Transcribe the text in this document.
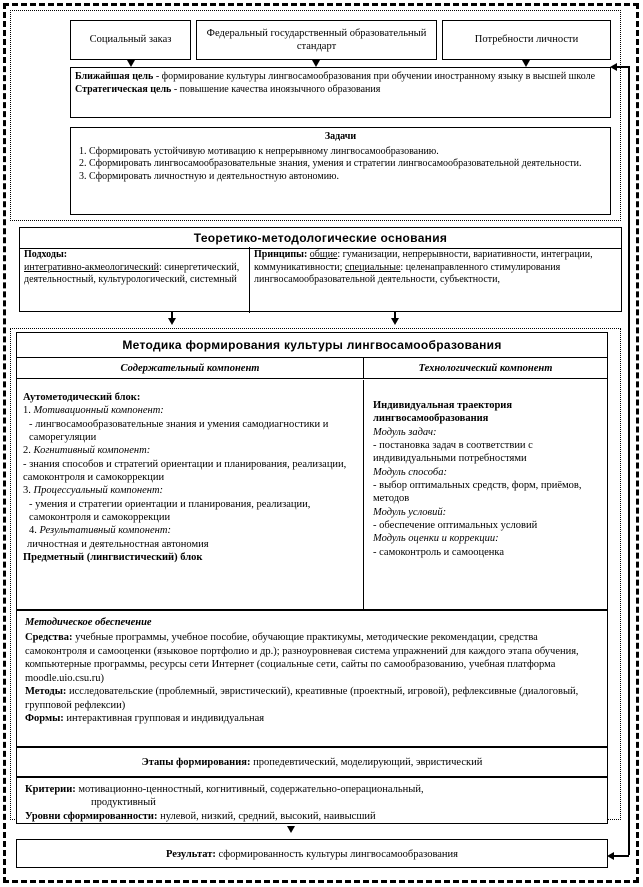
Социальный заказ
Федеральный государственный образовательный стандарт
Потребности личности

Ближайшая цель - формирование культуры лингвосамообразования при обучении иностранному языку в высшей школе

Стратегическая цель - повышение качества иноязычного образования

Задачи

1. Сформировать устойчивую мотивацию к непрерывному лингвосамообразованию.

2. Сформировать лингвосамообразовательные знания, умения и стратегии лингвосамообразовательной деятельности.

3. Сформировать личностную и деятельностную автономию.

Теоретико-методологические основания
Подходы:
интегративно-акмеологический: синергетический, деятельностный, культурологический, системный
Принципы: общие: гуманизации, непрерывности, вариативности, интеграции, коммуникативности; специальные: целенаправленного стимулирования лингвосамообразовательной деятельности, субъектности,
Методика формирования культуры лингвосамообразования
Содержательный компонент	Технологический компонент

Аутометодический блок:

1. Мотивационный компонент:

- лингвосамообразовательные знания и умения самодиагностики и саморегуляции

2. Когнитивный компонент:

- знания способов и стратегий ориентации и планирования, реализации, самоконтроля и самокоррекции

3. Процессуальный компонент:

- умения и стратегии ориентации и планирования, реализации, самоконтроля и самокоррекции

4. Результативный компонент:

личностная и деятельностная автономия

Предметный (лингвистический) блок

Индивидуальная траектория лингвосамообразования

Модуль задач:

- постановка задач в соответствии с индивидуальными потребностями

Модуль способа:

- выбор оптимальных средств, форм, приёмов, методов

Модуль условий:

- обеспечение оптимальных условий

Модуль оценки и коррекции:

- самоконтроль и самооценка

Методическое обеспечение

Средства: учебные программы, учебное пособие, обучающие практикумы, методические рекомендации, средства самоконтроля и самооценки (языковое портфолио и др.); разноуровневая система упражнений для каждого этапа обучения, компьютерные программы, ресурсы сети Интернет (социальные сети, сайты по самообразованию, учебная платформа moodle.uio.csu.ru)

Методы: исследовательские (проблемный, эвристический), креативные (проектный, игровой), рефлексивные (диалоговый, групповой рефлексии)

Формы: интерактивная групповая и индивидуальная

Этапы формирования: пропедевтический, моделирующий, эвристический

Критерии: мотивационно-ценностный, когнитивный, содержательно-операциональный,

продуктивный

Уровни сформированности: нулевой, низкий, средний, высокий, наивысший

Результат: сформированность культуры лингвосамообразования
